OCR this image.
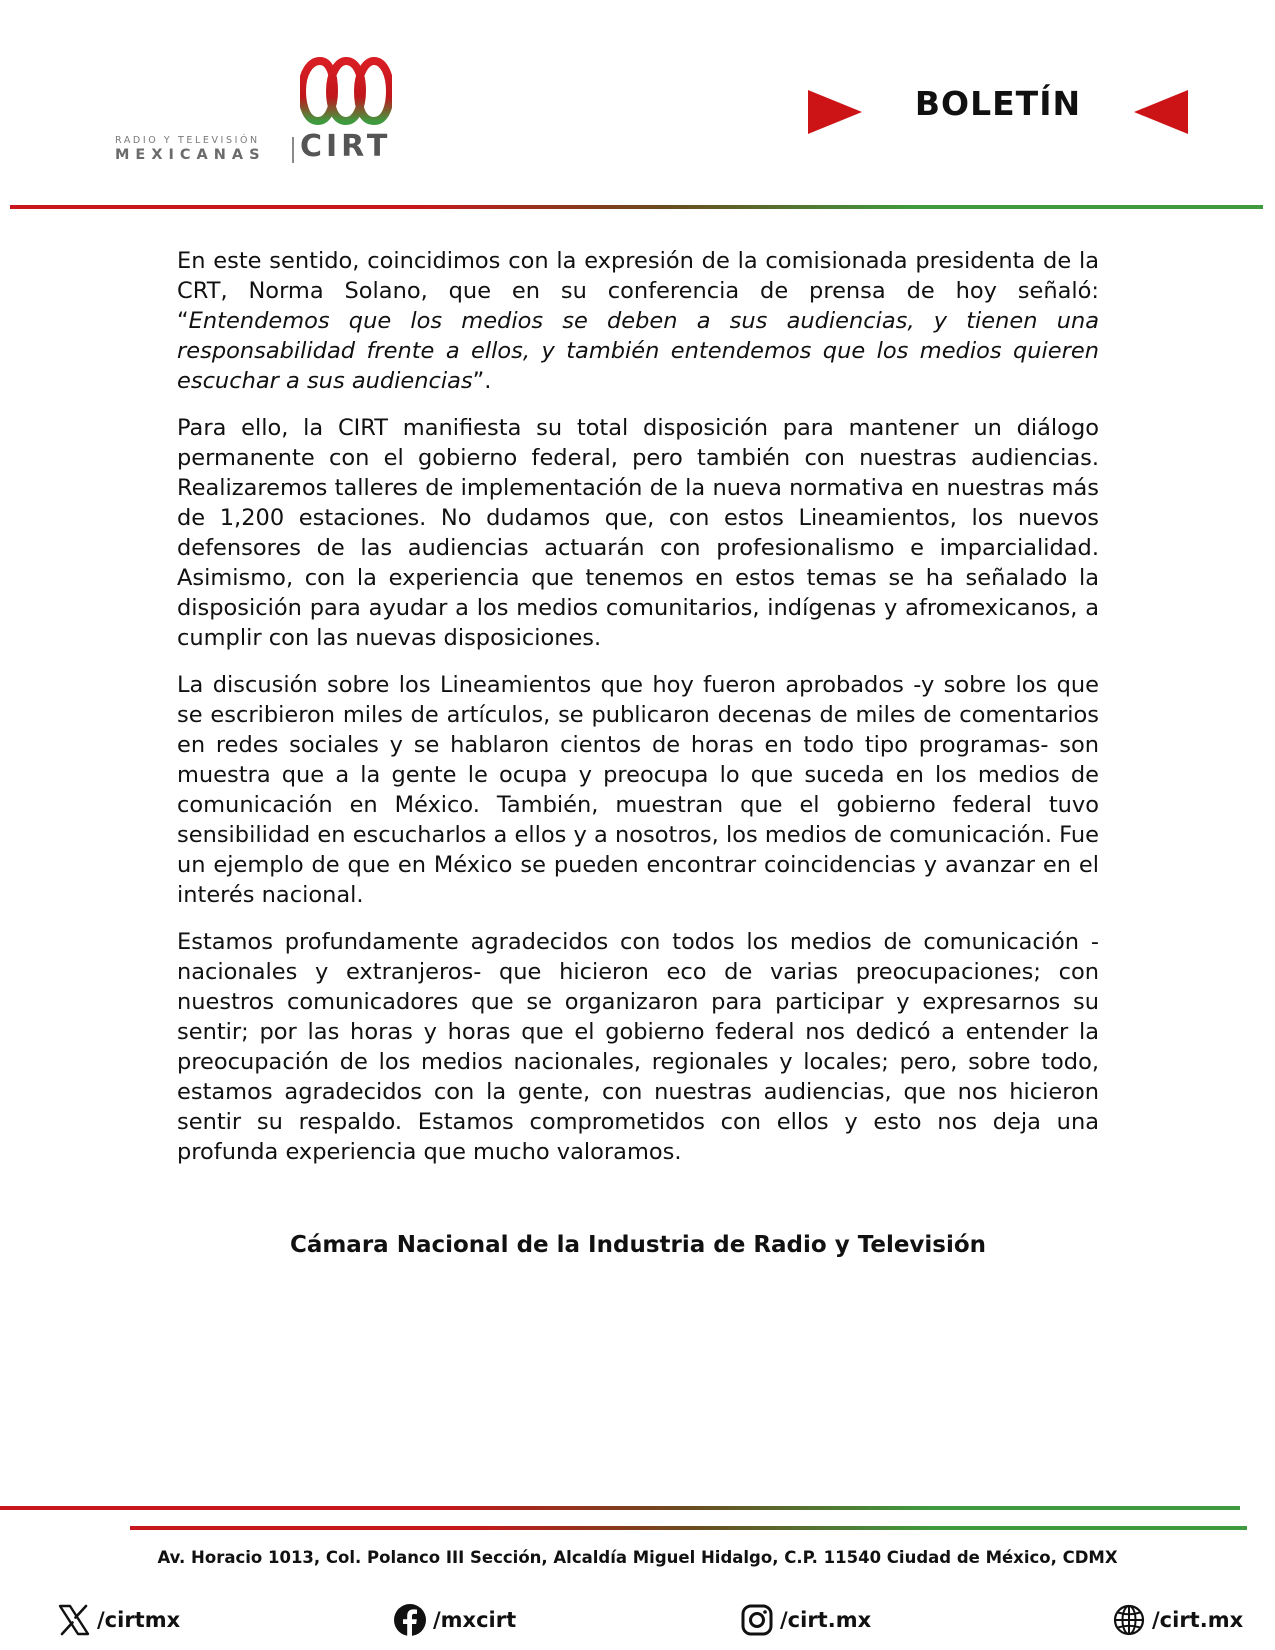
RADIO Y TELEVISIÓN
MEXICANAS CIRT
BOLETÍN

En este sentido, coincidimos con la expresión de la comisionada presidenta de la CRT, Norma Solano, que en su conferencia de prensa de hoy señaló: “Entendemos que los medios se deben a sus audiencias, y tienen una responsabilidad frente a ellos, y también entendemos que los medios quieren escuchar a sus audiencias”.

Para ello, la CIRT manifiesta su total disposición para mantener un diálogo permanente con el gobierno federal, pero también con nuestras audiencias. Realizaremos talleres de implementación de la nueva normativa en nuestras más de 1,200 estaciones. No dudamos que, con estos Lineamientos, los nuevos defensores de las audiencias actuarán con profesionalismo e imparcialidad. Asimismo, con la experiencia que tenemos en estos temas se ha señalado la disposición para ayudar a los medios comunitarios, indígenas y afromexicanos, a cumplir con las nuevas disposiciones.

La discusión sobre los Lineamientos que hoy fueron aprobados -y sobre los que se escribieron miles de artículos, se publicaron decenas de miles de comentarios en redes sociales y se hablaron cientos de horas en todo tipo programas- son muestra que a la gente le ocupa y preocupa lo que suceda en los medios de comunicación en México. También, muestran que el gobierno federal tuvo sensibilidad en escucharlos a ellos y a nosotros, los medios de comunicación. Fue un ejemplo de que en México se pueden encontrar coincidencias y avanzar en el interés nacional.

Estamos profundamente agradecidos con todos los medios de comunicación - nacionales y extranjeros- que hicieron eco de varias preocupaciones; con nuestros comunicadores que se organizaron para participar y expresarnos su sentir; por las horas y horas que el gobierno federal nos dedicó a entender la preocupación de los medios nacionales, regionales y locales; pero, sobre todo, estamos agradecidos con la gente, con nuestras audiencias, que nos hicieron sentir su respaldo. Estamos comprometidos con ellos y esto nos deja una profunda experiencia que mucho valoramos.

Cámara Nacional de la Industria de Radio y Televisión
Av. Horacio 1013, Col. Polanco III Sección, Alcaldía Miguel Hidalgo, C.P. 11540 Ciudad de México, CDMX
/cirtmx	/mxcirt	/cirt.mx	/cirt.mx
